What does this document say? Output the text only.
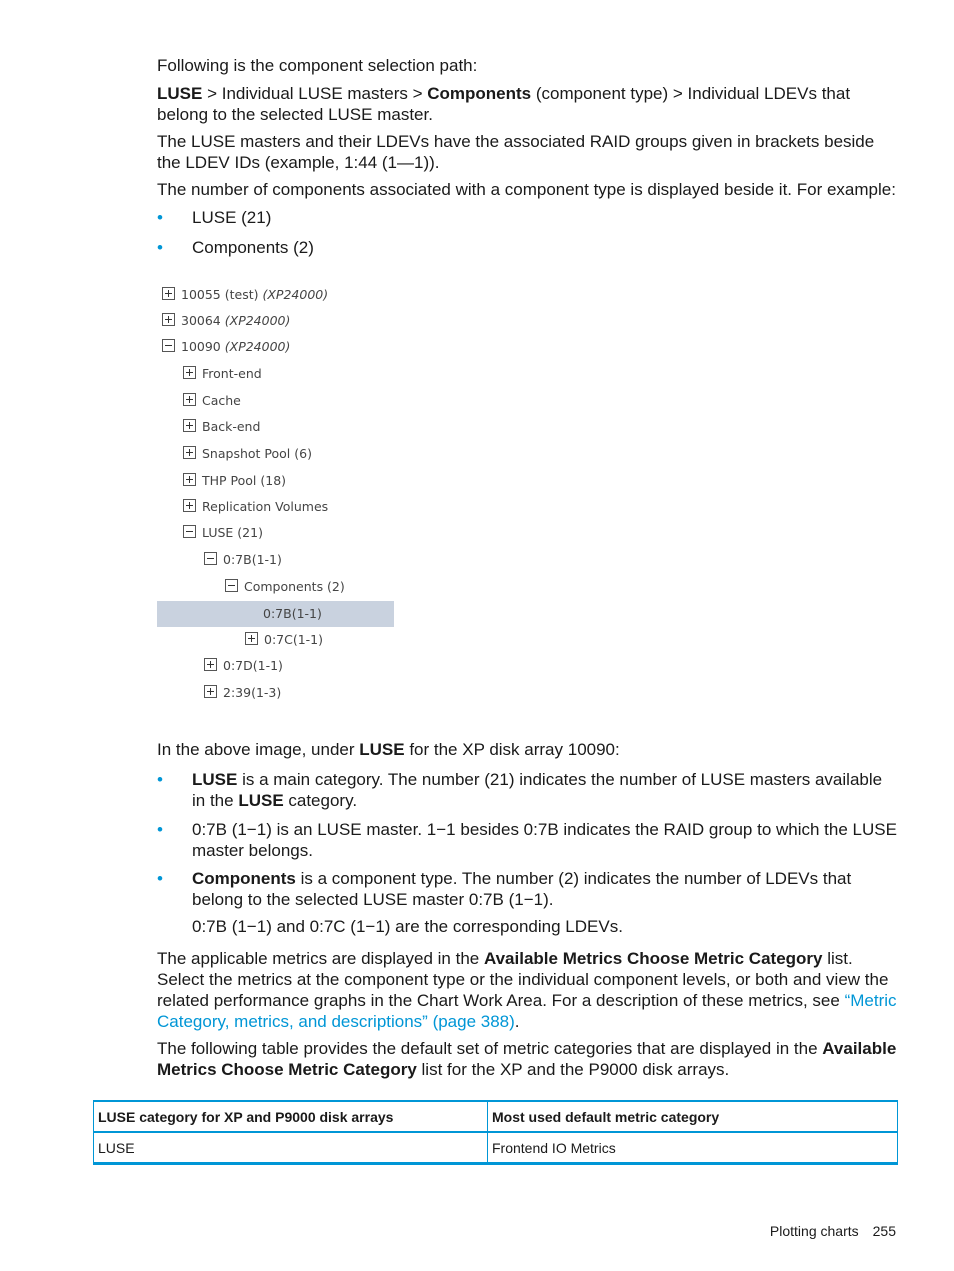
Following is the component selection path:
LUSE > Individual LUSE masters > Components (component type) > Individual LDEVs that belong to the selected LUSE master.
The LUSE masters and their LDEVs have the associated RAID groups given in brackets beside the LDEV IDs (example, 1:44 (1—1)).
The number of components associated with a component type is displayed beside it. For example:
• LUSE (21)
• Components (2)
10055 (test) (XP24000)
30064 (XP24000)
10090 (XP24000)
Front-end
Cache
Back-end
Snapshot Pool (6)
THP Pool (18)
Replication Volumes
LUSE (21)
0:7B(1-1)
Components (2)
0:7B(1-1)
0:7C(1-1)
0:7D(1-1)
2:39(1-3)
In the above image, under LUSE for the XP disk array 10090:
• LUSE is a main category. The number (21) indicates the number of LUSE masters available in the LUSE category.
• 0:7B (1−1) is an LUSE master. 1−1 besides 0:7B indicates the RAID group to which the LUSE master belongs.
• Components is a component type. The number (2) indicates the number of LDEVs that belong to the selected LUSE master 0:7B (1−1).
0:7B (1−1) and 0:7C (1−1) are the corresponding LDEVs.
The applicable metrics are displayed in the Available Metrics Choose Metric Category list. Select the metrics at the component type or the individual component levels, or both and view the related performance graphs in the Chart Work Area. For a description of these metrics, see “Metric Category, metrics, and descriptions” (page 388).
The following table provides the default set of metric categories that are displayed in the Available Metrics Choose Metric Category list for the XP and the P9000 disk arrays.
LUSE category for XP and P9000 disk arrays	Most used default metric category
LUSE	Frontend IO Metrics
Plotting charts 255
